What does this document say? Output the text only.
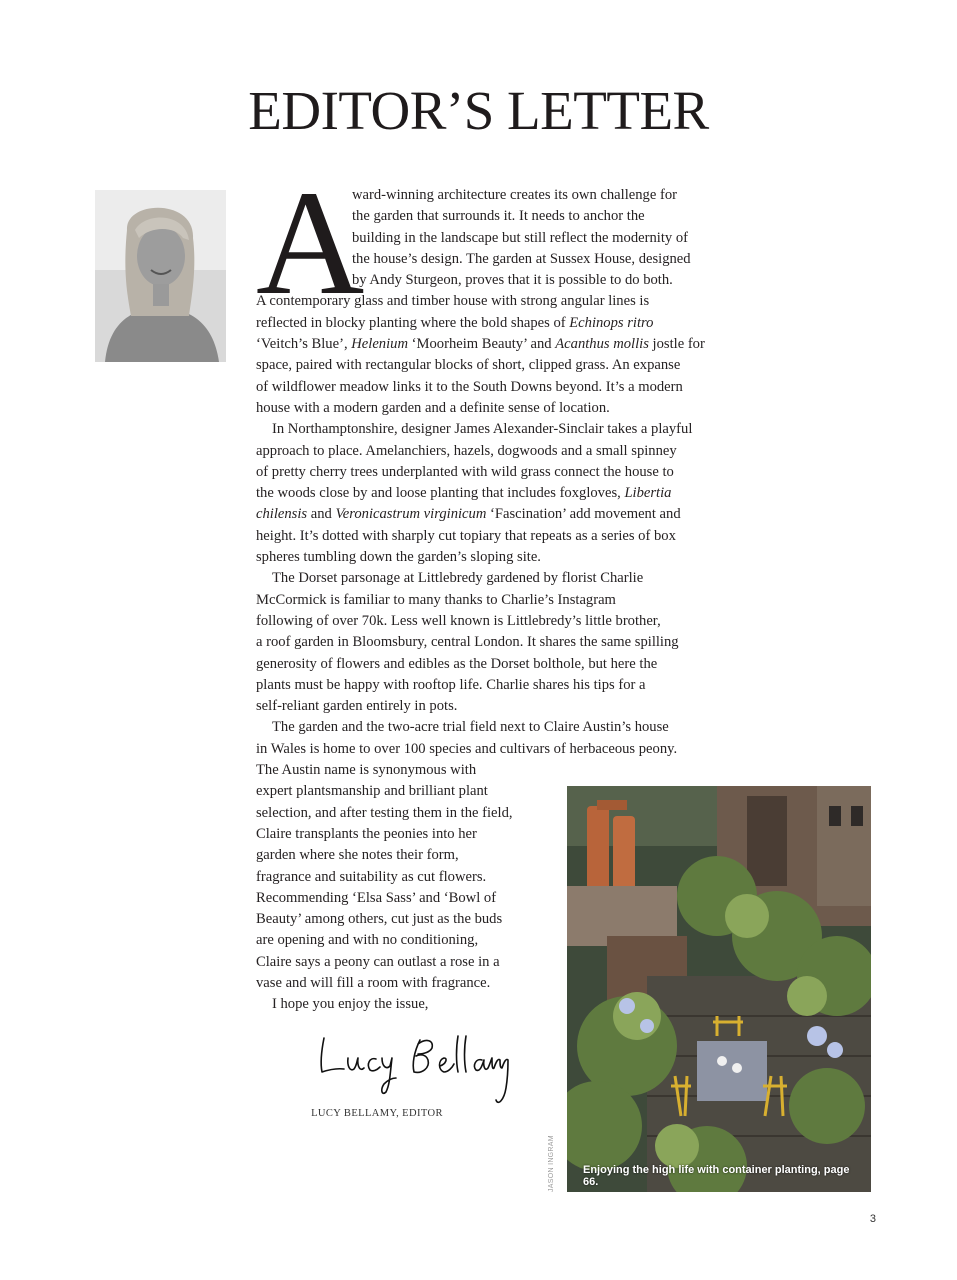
EDITOR’S LETTER
A

ward-winning architecture creates its own challenge for
the garden that surrounds it. It needs to anchor the
building in the landscape but still reflect the modernity of
the house’s design. The garden at Sussex House, designed
by Andy Sturgeon, proves that it is possible to do both.
A contemporary glass and timber house with strong angular lines is
reflected in blocky planting where the bold shapes of Echinops ritro
‘Veitch’s Blue’, Helenium ‘Moorheim Beauty’ and Acanthus mollis jostle for
space, paired with rectangular blocks of short, clipped grass. An expanse
of wildflower meadow links it to the South Downs beyond. It’s a modern
house with a modern garden and a definite sense of location.

In Northamptonshire, designer James Alexander-Sinclair takes a playful
approach to place. Amelanchiers, hazels, dogwoods and a small spinney
of pretty cherry trees underplanted with wild grass connect the house to
the woods close by and loose planting that includes foxgloves, Libertia
chilensis and Veronicastrum virginicum ‘Fascination’ add movement and
height. It’s dotted with sharply cut topiary that repeats as a series of box
spheres tumbling down the garden’s sloping site.

The Dorset parsonage at Littlebredy gardened by florist Charlie
McCormick is familiar to many thanks to Charlie’s Instagram
following of over 70k. Less well known is Littlebredy’s little brother,
a roof garden in Bloomsbury, central London. It shares the same spilling
generosity of flowers and edibles as the Dorset bolthole, but here the
plants must be happy with rooftop life. Charlie shares his tips for a
self-reliant garden entirely in pots.

The garden and the two-acre trial field next to Claire Austin’s house
in Wales is home to over 100 species and cultivars of herbaceous peony.
The Austin name is synonymous with
expert plantsmanship and brilliant plant
selection, and after testing them in the field,
Claire transplants the peonies into her
garden where she notes their form,
fragrance and suitability as cut flowers.
Recommending ‘Elsa Sass’ and ‘Bowl of
Beauty’ among others, cut just as the buds
are opening and with no conditioning,
Claire says a peony can outlast a rose in a
vase and will fill a room with fragrance.

I hope you enjoy the issue,

LUCY BELLAMY, EDITOR
Enjoying the high life with container planting, page 66.
JASON INGRAM
3
